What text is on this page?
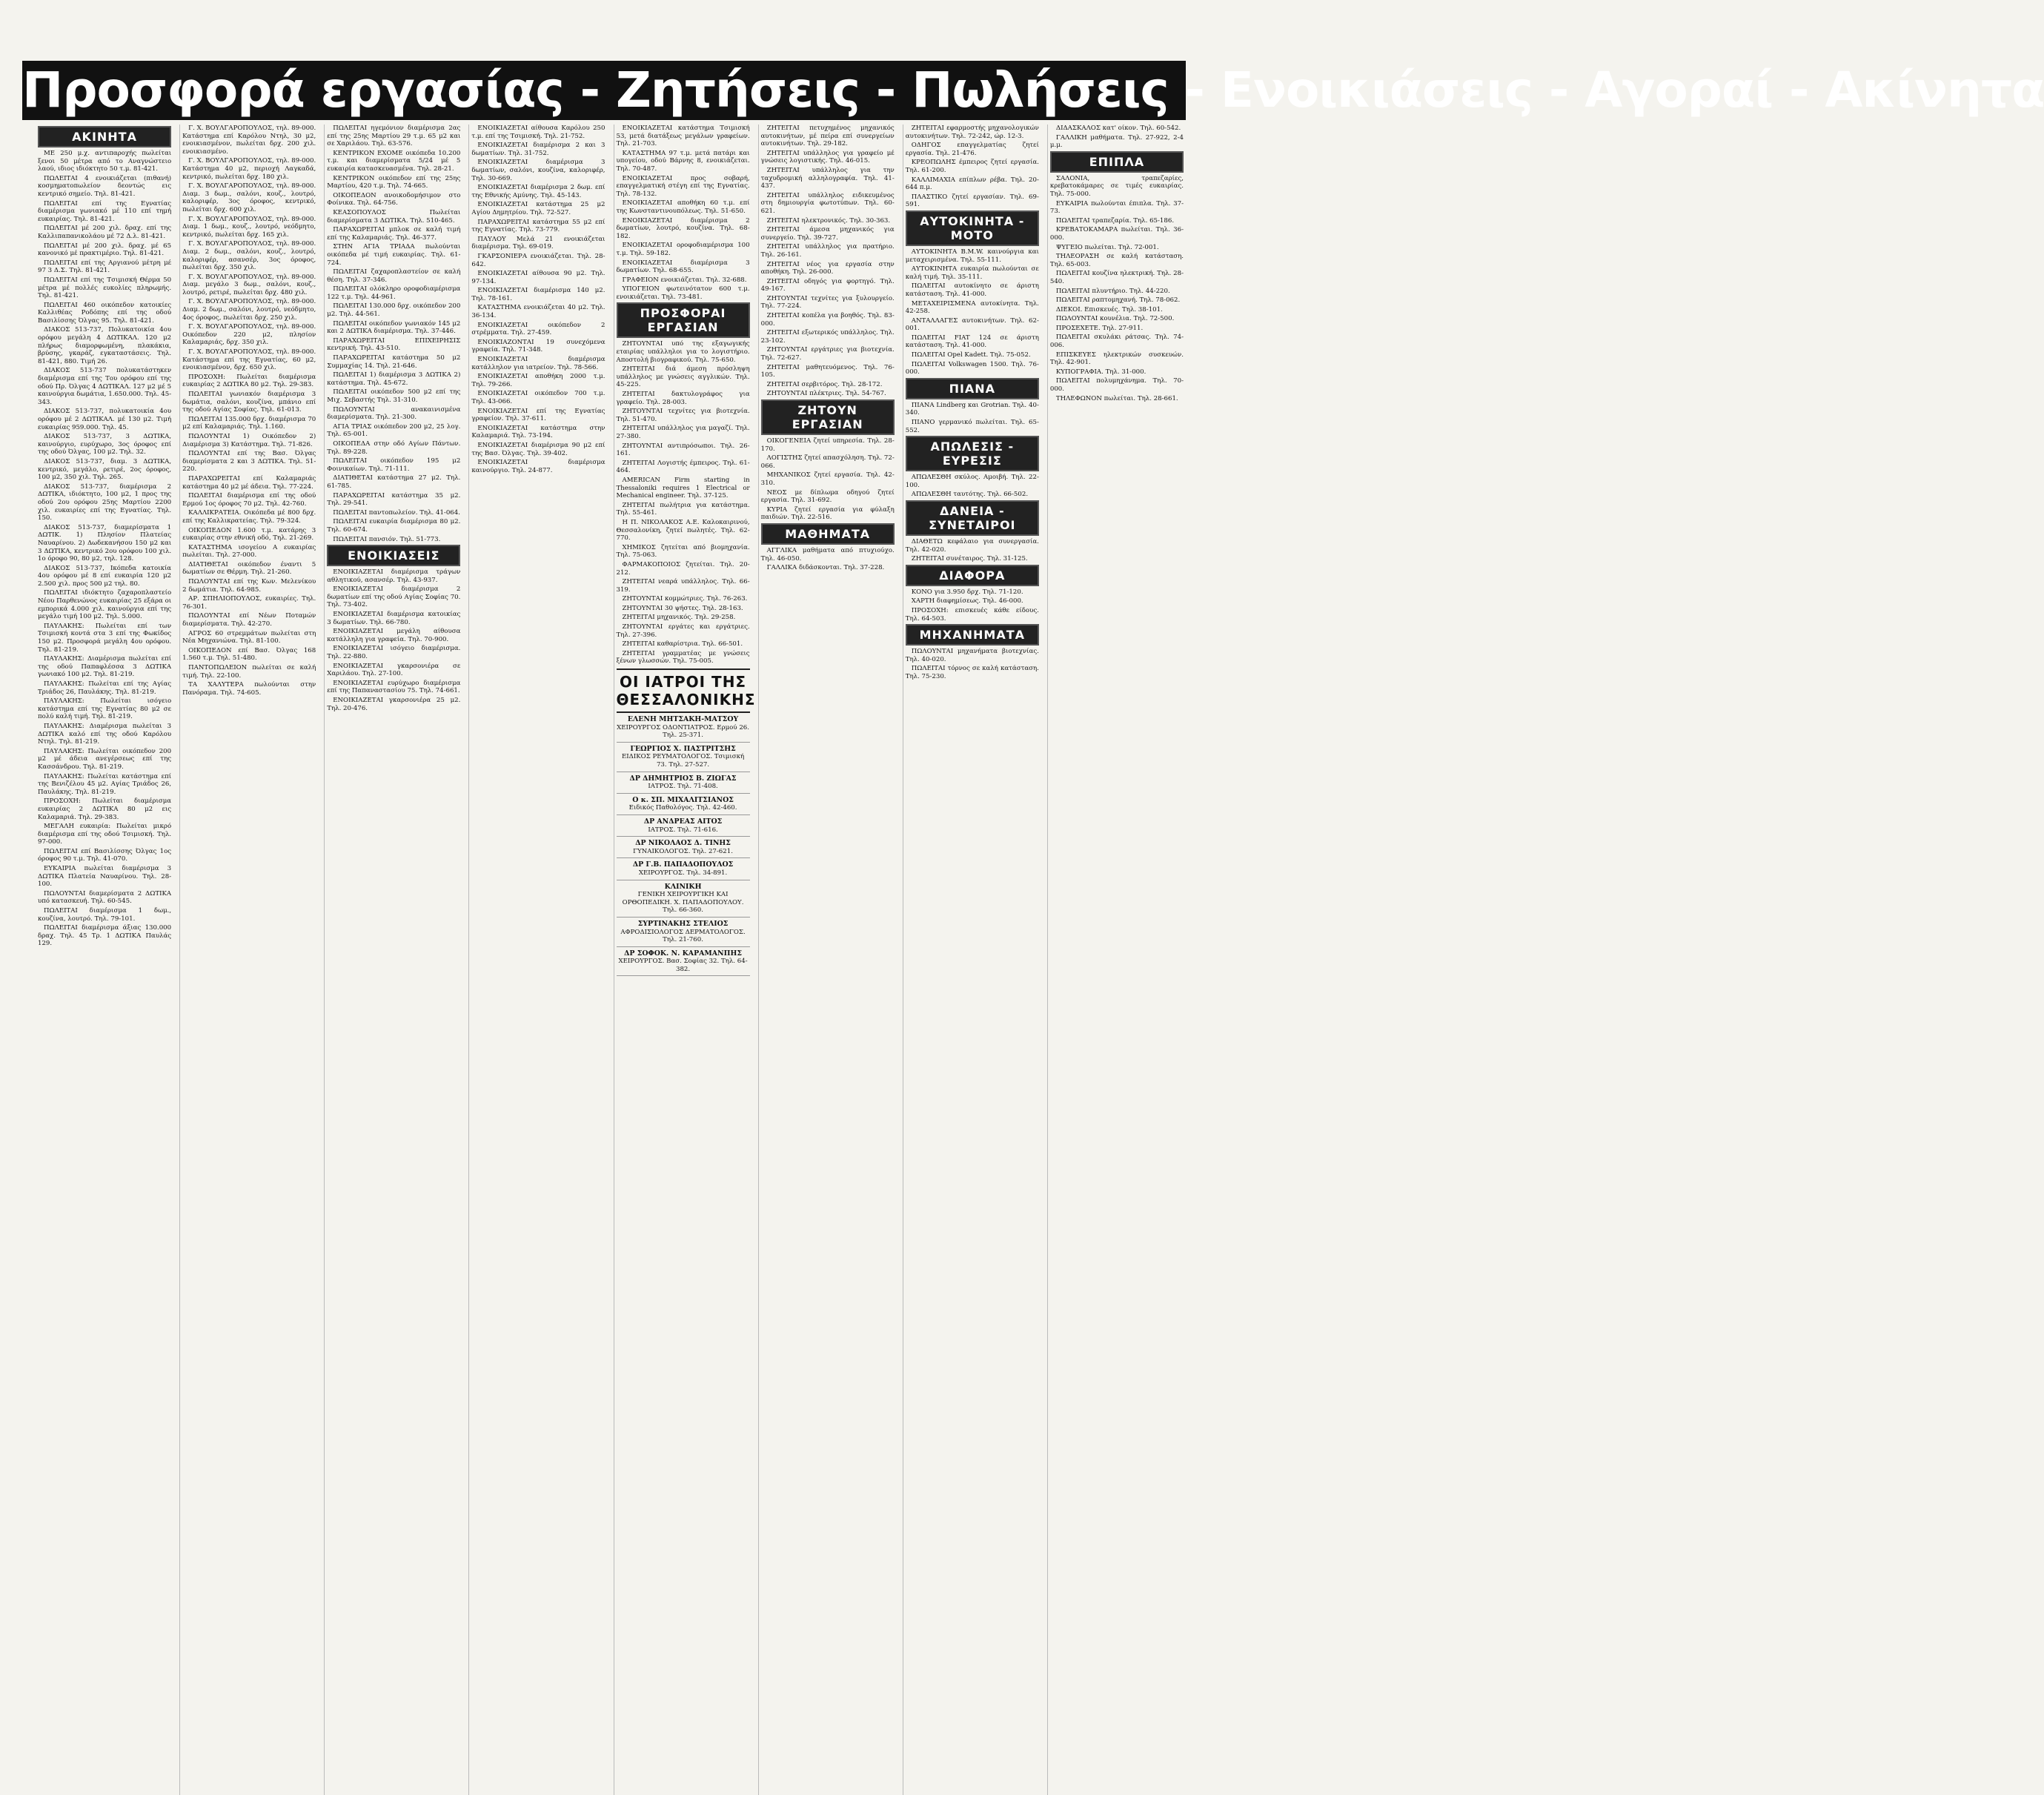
Προσφορά εργασίας - Ζητήσεις - Πωλήσεις - Ενοικιάσεις - Αγοραί - Ακίνητα
ΑΚΙΝΗΤΑ

ΜΕ 250 μ.χ. αντιπαροχής πωλείται ξενοι 50 μέτρα από το Αναγνώστειο λαού, ιδιος ιδιόκτητο 50 τ.μ. 81-421.

ΠΩΛΕΙΤΑΙ 4 ενοικιάζεται (πιθανή) κοσμηματοπωλείον δεοντώς εις κεντρικό σημείο. Τηλ. 81-421.

ΠΩΛΕΙΤΑΙ επί της Εγνατίας διαμέρισμα γωνιακό μέ 110 επί τημή ευκαιρίας. Τηλ. 81-421.

ΠΩΛΕΙΤΑΙ μέ 200 χιλ. δραχ. επί της Καλλιπαπανικολάου μέ 72 Δ.λ. 81-421.

ΠΩΛΕΙΤΑΙ μέ 200 χιλ. δραχ. μέ 65 κανονικό μέ πρακτιμέριο. Τηλ. 81-421.

ΠΩΛΕΙΤΑΙ επί της Αργιανού μέτρη μέ 97 3 Δ.Σ. Τηλ. 81-421.

ΠΩΛΕΙΤΑΙ επί της Τσιμισκή Θέρμα 50 μέτρα μέ πολλές ευκολίες πληρωμής. Τηλ. 81-421.

ΠΩΛΕΙΤΑΙ 460 οικόπεδον κατοικίες Καλλιθέας Ροδόπης επί της οδού Βασιλίσσης Όλγας 95. Τηλ. 81-421.

ΔΙΑΚΟΣ 513-737, Πολυκατοικία 4ου ορόφου μεγάλη 4 ΔΩΤΙΚΑΛ. 120 μ2 πλήρως διαμορφωμένη, πλακάκια, βρύσης, γκαράζ, εγκαταστάσεις. Τηλ. 81-421, 880. Τιμή 26.

ΔΙΑΚΟΣ 513-737 πολυκατάστηκεν διαμέρισμα επί της Του ορόφου επί της οδού Πρ. Όλγας 4 ΔΩΤΙΚΑΛ. 127 μ2 μέ 5 καινούργια δωμάτια, 1.650.000. Τηλ. 45-343.

ΔΙΑΚΟΣ 513-737, πολυκατοικία 4ου ορόφου μέ 2 ΔΩΤΙΚΑΛ. μέ 130 μ2. Τιμή ευκαιρίας 959.000. Τηλ. 45.

ΔΙΑΚΟΣ 513-737, 3 ΔΩΤΙΚΑ, καινούργιο, ευρύχωρο, 3ος όροφος επί της οδού Όλγας, 100 μ2. Τηλ. 32.

ΔΙΑΚΟΣ 513-737, διαμ. 3 ΔΩΤΙΚΑ, κεντρικό, μεγάλο, ρετιρέ, 2ος όροφος, 100 μ2, 350 χιλ. Τηλ. 265.

ΔΙΑΚΟΣ 513-737, διαμέρισμα 2 ΔΩΤΙΚΑ, ιδιόκτητο, 100 μ2, 1 προς της οδού 2ου ορόφου 25ης Μαρτίου 2200 χιλ. ευκαιρίες επί της Εγνατίας. Τηλ. 150.

ΔΙΑΚΟΣ 513-737, διαμερίσματα 1 ΔΩΤΙΚ. 1) Πλησίον Πλατείας Ναυαρίνου. 2) Δωδεκανήσου 150 μ2 και 3 ΔΩΤΙΚΑ, κεντρικό 2ου ορόφου 100 χιλ. 1ο όροφο 90, 80 μ2, τηλ. 128.

ΔΙΑΚΟΣ 513-737, Ικόπεδα κατοικία 4ου ορόφου μέ 8 επί ευκαιρία 120 μ2 2.500 χιλ. προς 500 μ2 τηλ. 80.

ΠΩΛΕΙΤΑΙ ιδιόκτητο ζαχαροπλαστείο Νέου Παρθενώνος ευκαιρίας 25 εξάρα οι εμπορικά 4.000 χιλ. καινούργια επί της μεγάλο τιμή 100 μ2. Τηλ. 5.000.

ΠΑΥΛΑΚΗΣ: Πωλείται επί των Τσιμισκή κοντά στα 3 επί της Φωκίδος 150 μ2. Προσφορά μεγάλη 4ου ορόφου. Τηλ. 81-219.

ΠΑΥΛΑΚΗΣ: Διαμέρισμα πωλείται επί της οδού Παπαφλέσσα 3 ΔΩΤΙΚΑ γωνιακό 100 μ2. Τηλ. 81-219.

ΠΑΥΛΑΚΗΣ: Πωλείται επί της Αγίας Τριάδος 26, Παυλάκης. Τηλ. 81-219.

ΠΑΥΛΑΚΗΣ: Πωλείται ισόγειο κατάστημα επί της Εγνατίας 80 μ2 σε πολύ καλή τιμή. Τηλ. 81-219.

ΠΑΥΛΑΚΗΣ: Διαμέρισμα πωλείται 3 ΔΩΤΙΚΑ καλό επί της οδού Καρόλου Ντηλ. Τηλ. 81-219.

ΠΑΥΛΑΚΗΣ: Πωλείται οικόπεδον 200 μ2 μέ άδεια ανεγέρσεως επί της Κασσάνδρου. Τηλ. 81-219.

ΠΑΥΛΑΚΗΣ: Πωλείται κατάστημα επί της Βενιζέλου 45 μ2. Αγίας Τριάδος 26, Παυλάκης. Τηλ. 81-219.

ΠΡΟΣΟΧΗ: Πωλείται διαμέρισμα ευκαιρίας 2 ΔΩΤΙΚΑ 80 μ2 εις Καλαμαριά. Τηλ. 29-383.

ΜΕΓΑΛΗ ευκαιρία: Πωλείται μικρό διαμέρισμα επί της οδού Τσιμισκή. Τηλ. 97-000.

ΠΩΛΕΙΤΑΙ επί Βασιλίσσης Όλγας 1ος όροφος 90 τ.μ. Τηλ. 41-070.

ΕΥΚΑΙΡΙΑ πωλείται διαμέρισμα 3 ΔΩΤΙΚΑ Πλατεία Ναυαρίνου. Τηλ. 28-100.

ΠΩΛΟΥΝΤΑΙ διαμερίσματα 2 ΔΩΤΙΚΑ υπό κατασκευή. Τηλ. 60-545.

ΠΩΛΕΙΤΑΙ διαμέρισμα 1 δωμ., κουζίνα, λουτρό. Τηλ. 79-101.

ΠΩΛΕΙΤΑΙ διαμέρισμα άξιας 130.000 δραχ. Τηλ. 45 Τρ. 1 ΔΩΤΙΚΑ Παυλάς 129.

Γ. Χ. ΒΟΥΛΓΑΡΟΠΟΥΛΟΣ, τηλ. 89-000. Κατάστημα επί Καρόλου Ντηλ, 30 μ2, ενοικιασμένον, πωλείται δρχ. 200 χιλ. ενοικιασμένο.

Γ. Χ. ΒΟΥΛΓΑΡΟΠΟΥΛΟΣ, τηλ. 89-000. Κατάστημα 40 μ2, περιοχή Λαγκαδά, κεντρικό, πωλείται δρχ. 180 χιλ.

Γ. Χ. ΒΟΥΛΓΑΡΟΠΟΥΛΟΣ, τηλ. 89-000. Διαμ. 3 δωμ., σαλόνι, κουζ., λουτρό, καλοριφέρ, 3ος όροφος, κεντρικό, πωλείται δρχ. 600 χιλ.

Γ. Χ. ΒΟΥΛΓΑΡΟΠΟΥΛΟΣ, τηλ. 89-000. Διαμ. 1 δωμ., κουζ., λουτρό, νεόδμητο, κεντρικό, πωλείται δρχ. 165 χιλ.

Γ. Χ. ΒΟΥΛΓΑΡΟΠΟΥΛΟΣ, τηλ. 89-000. Διαμ. 2 δωμ., σαλόνι, κουζ., λουτρό, καλοριφέρ, ασανσέρ, 3ος όροφος, πωλείται δρχ. 350 χιλ.

Γ. Χ. ΒΟΥΛΓΑΡΟΠΟΥΛΟΣ, τηλ. 89-000. Διαμ. μεγάλο 3 δωμ., σαλόνι, κουζ., λουτρό, ρετιρέ, πωλείται δρχ. 480 χιλ.

Γ. Χ. ΒΟΥΛΓΑΡΟΠΟΥΛΟΣ, τηλ. 89-000. Διαμ. 2 δωμ., σαλόνι, λουτρό, νεόδμητο, 4ος όροφος, πωλείται δρχ. 250 χιλ.

Γ. Χ. ΒΟΥΛΓΑΡΟΠΟΥΛΟΣ, τηλ. 89-000. Οικόπεδον 220 μ2, πλησίον Καλαμαριάς, δρχ. 350 χιλ.

Γ. Χ. ΒΟΥΛΓΑΡΟΠΟΥΛΟΣ, τηλ. 89-000. Κατάστημα επί της Εγνατίας, 60 μ2, ενοικιασμένον, δρχ. 650 χιλ.

ΠΡΟΣΟΧΗ: Πωλείται διαμέρισμα ευκαιρίας 2 ΔΩΤΙΚΑ 80 μ2. Τηλ. 29-383.

ΠΩΛΕΙΤΑΙ γωνιακόν διαμέρισμα 3 δωμάτια, σαλόνι, κουζίνα, μπάνιο επί της οδού Αγίας Σοφίας. Τηλ. 61-013.

ΠΩΛΕΙΤΑΙ 135.000 δρχ. διαμέρισμα 70 μ2 επί Καλαμαριάς. Τηλ. 1.160.

ΠΩΛΟΥΝΤΑΙ 1) Οικόπεδον 2) Διαμέρισμα 3) Κατάστημα. Τηλ. 71-826.

ΠΩΛΟΥΝΤΑΙ επί της Βασ. Όλγας διαμερίσματα 2 και 3 ΔΩΤΙΚΑ. Τηλ. 51-220.

ΠΑΡΑΧΩΡΕΙΤΑΙ επί Καλαμαριάς κατάστημα 40 μ2 μέ άδεια. Τηλ. 77-224.

ΠΩΛΕΙΤΑΙ διαμέρισμα επί της οδού Ερμού 1ος όροφος 70 μ2. Τηλ. 42-760.

ΚΑΛΛΙΚΡΑΤΕΙΑ. Οικόπεδα μέ 800 δρχ. επί της Καλλικρατείας. Τηλ. 79-324.

ΟΙΚΟΠΕΔΟΝ 1.600 τ.μ. κατάρης 3 ευκαιρίας στην εθνική οδό, Τηλ. 21-269.

ΚΑΤΑΣΤΗΜΑ ισογείου Α ευκαιρίας πωλείται. Τηλ. 27-000.

ΔΙΑΤΙΘΕΤΑΙ οικόπεδον έναντι 5 δωματίων σε Θέρμη. Τηλ. 21-260.

ΠΩΛΟΥΝΤΑΙ επί της Κων. Μελενίκου 2 δωμάτια. Τηλ. 64-985.

ΑΡ. ΣΠΗΛΙΟΠΟΥΛΟΣ, ευκαιρίες. Τηλ. 76-301.

ΠΩΛΟΥΝΤΑΙ επί Νέων Ποταμών διαμερίσματα. Τηλ. 42-270.

ΑΓΡΟΣ 60 στρεμμάτων πωλείται στη Νέα Μηχανιώνα. Τηλ. 81-100.

ΟΙΚΟΠΕΔΟΝ επί Βασ. Όλγας 168 1.560 τ.μ. Τηλ. 51-480.

ΠΑΝΤΟΠΩΛΕΙΟΝ πωλείται σε καλή τιμή. Τηλ. 22-100.

ΤΑ ΧΑΛΥΤΕΡΑ πωλούνται στην Πανόραμα. Τηλ. 74-605.

ΠΩΛΕΙΤΑΙ ηγεμόνιον διαμέρισμα 2ας επί της 25ης Μαρτίου 29 τ.μ. 65 μ2 και σε Χαριλάου. Τηλ. 63-576.

ΚΕΝΤΡΙΚΟΝ ΕΧΟΜΕ οικόπεδα 10.200 τ.μ. και διαμερίσματα 5/24 μέ 5 ευκαιρία κατασκευασμένα. Τηλ. 28-21.

ΚΕΝΤΡΙΚΟΝ οικόπεδον επί της 25ης Μαρτίου, 420 τ.μ. Τηλ. 74-665.

ΟΙΚΟΠΕΔΟΝ ανοικοδομήσιμον στο Φοίνικα. Τηλ. 64-756.

ΚΕΑΣΟΠΟΥΛΟΣ Πωλείται διαμερίσματα 3 ΔΩΤΙΚΑ. Τηλ. 510-465.

ΠΑΡΑΧΩΡΕΙΤΑΙ μπλοκ σε καλή τιμή επί της Καλαμαριάς. Τηλ. 46-377.

ΣΤΗΝ ΑΓΙΑ ΤΡΙΑΔΑ πωλούνται οικόπεδα μέ τιμή ευκαιρίας. Τηλ. 61-724.

ΠΩΛΕΙΤΑΙ ζαχαροπλαστείον σε καλή θέση. Τηλ. 37-346.

ΠΩΛΕΙΤΑΙ ολόκληρο οροφοδιαμέρισμα 122 τ.μ. Τηλ. 44-961.

ΠΩΛΕΙΤΑΙ 130.000 δρχ. οικόπεδον 200 μ2. Τηλ. 44-561.

ΠΩΛΕΙΤΑΙ οικόπεδον γωνιακόν 145 μ2 και 2 ΔΩΤΙΚΑ διαμέρισμα. Τηλ. 37-446.

ΠΑΡΑΧΩΡΕΙΤΑΙ ΕΠΙΧΕΙΡΗΣΙΣ κεντρική. Τηλ. 43-510.

ΠΑΡΑΧΩΡΕΙΤΑΙ κατάστημα 50 μ2 Συμμαχίας 14. Τηλ. 21-646.

ΠΩΛΕΙΤΑΙ 1) διαμέρισμα 3 ΔΩΤΙΚΑ 2) κατάστημα. Τηλ. 45-672.

ΠΩΛΕΙΤΑΙ οικόπεδον 500 μ2 επί της Μιχ. Σεβαστής Τηλ. 31-310.

ΠΩΛΟΥΝΤΑΙ ανακαινισμένα διαμερίσματα. Τηλ. 21-300.

ΑΓΙΑ ΤΡΙΑΣ οικόπεδον 200 μ2, 25 λογ. Τηλ. 65-001.

ΟΙΚΟΠΕΔΑ στην οδό Αγίων Πάντων. Τηλ. 89-228.

ΠΩΛΕΙΤΑΙ οικόπεδον 195 μ2 Φοινικαίων. Τηλ. 71-111.

ΔΙΑΤΙΘΕΤΑΙ κατάστημα 27 μ2. Τηλ. 61-785.

ΠΑΡΑΧΩΡΕΙΤΑΙ κατάστημα 35 μ2. Τηλ. 29-541.

ΠΩΛΕΙΤΑΙ παντοπωλείον. Τηλ. 41-064.

ΠΩΛΕΙΤΑΙ ευκαιρία διαμέρισμα 80 μ2. Τηλ. 60-674.

ΠΩΛΕΙΤΑΙ πανσιόν. Τηλ. 51-773.

ΕΝΟΙΚΙΑΣΕΙΣ

ΕΝΟΙΚΙΑΖΕΤΑΙ διαμέρισμα τράγων αθλητικού, ασανσέρ. Τηλ. 43-937.

ΕΝΟΙΚΙΑΖΕΤΑΙ διαμέρισμα 2 δωματίων επί της οδού Αγίας Σοφίας 70. Τηλ. 73-402.

ΕΝΟΙΚΙΑΖΕΤΑΙ διαμέρισμα κατοικίας 3 δωματίων. Τηλ. 66-780.

ΕΝΟΙΚΙΑΖΕΤΑΙ μεγάλη αίθουσα κατάλληλη για γραφεία. Τηλ. 70-900.

ΕΝΟΙΚΙΑΖΕΤΑΙ ισόγειο διαμέρισμα. Τηλ. 22-880.

ΕΝΟΙΚΙΑΖΕΤΑΙ γκαρσονιέρα σε Χαριλάου. Τηλ. 27-100.

ΕΝΟΙΚΙΑΖΕΤΑΙ ευρύχωρο διαμέρισμα επί της Παπαναστασίου 75. Τηλ. 74-661.

ΕΝΟΙΚΙΑΖΕΤΑΙ γκαρσονιέρα 25 μ2. Τηλ. 20-476.

ΕΝΟΙΚΙΑΖΕΤΑΙ αίθουσα Καρόλου 250 τ.μ. επί της Τσιμισκή. Τηλ. 21-752.

ΕΝΟΙΚΙΑΖΕΤΑΙ διαμέρισμα 2 και 3 δωματίων. Τηλ. 31-752.

ΕΝΟΙΚΙΑΖΕΤΑΙ διαμέρισμα 3 δωματίων, σαλόνι, κουζίνα, καλοριφέρ, Τηλ. 30-669.

ΕΝΟΙΚΙΑΖΕΤΑΙ διαμέρισμα 2 δωμ. επί της Εθνικής Αμύνης. Τηλ. 45-143.

ΕΝΟΙΚΙΑΖΕΤΑΙ κατάστημα 25 μ2 Αγίου Δημητρίου. Τηλ. 72-527.

ΠΑΡΑΧΩΡΕΙΤΑΙ κατάστημα 55 μ2 επί της Εγνατίας. Τηλ. 73-779.

ΠΑΥΛΟΥ Μελά 21 ενοικιάζεται διαμέρισμα. Τηλ. 69-019.

ΓΚΑΡΣΟΝΙΕΡΑ ενοικιάζεται. Τηλ. 28-642.

ΕΝΟΙΚΙΑΖΕΤΑΙ αίθουσα 90 μ2. Τηλ. 97-134.

ΕΝΟΙΚΙΑΖΕΤΑΙ διαμέρισμα 140 μ2. Τηλ. 78-161.

ΚΑΤΑΣΤΗΜΑ ενοικιάζεται 40 μ2. Τηλ. 36-134.

ΕΝΟΙΚΙΑΖΕΤΑΙ οικόπεδον 2 στρέμματα. Τηλ. 27-459.

ΕΝΟΙΚΙΑΖΟΝΤΑΙ 19 συνεχόμενα γραφεία. Τηλ. 71-348.

ΕΝΟΙΚΙΑΖΕΤΑΙ διαμέρισμα κατάλληλον για ιατρείον. Τηλ. 78-566.

ΕΝΟΙΚΙΑΖΕΤΑΙ αποθήκη 2000 τ.μ. Τηλ. 79-266.

ΕΝΟΙΚΙΑΖΕΤΑΙ οικόπεδον 700 τ.μ. Τηλ. 43-066.

ΕΝΟΙΚΙΑΖΕΤΑΙ επί της Εγνατίας γραφείον. Τηλ. 37-611.

ΕΝΟΙΚΙΑΖΕΤΑΙ κατάστημα στην Καλαμαριά. Τηλ. 73-194.

ΕΝΟΙΚΙΑΖΕΤΑΙ διαμέρισμα 90 μ2 επί της Βασ. Όλγας. Τηλ. 39-402.

ΕΝΟΙΚΙΑΖΕΤΑΙ διαμέρισμα καινούργιο. Τηλ. 24-877.

ΕΝΟΙΚΙΑΖΕΤΑΙ κατάστημα Τσιμισκή 53, μετά διατάξεως μεγάλων γραφείων. Τηλ. 21-703.

ΚΑΤΑΣΤΗΜΑ 97 τ.μ. μετά πατάρι και υπογείου, οδού Βάρνης 8, ενοικιάζεται. Τηλ. 70-487.

ΕΝΟΙΚΙΑΖΕΤΑΙ προς σοβαρή, επαγγελματική στέγη επί της Εγνατίας. Τηλ. 78-132.

ΕΝΟΙΚΙΑΖΕΤΑΙ αποθήκη 60 τ.μ. επί της Κωνσταντινουπόλεως. Τηλ. 51-650.

ΕΝΟΙΚΙΑΖΕΤΑΙ διαμέρισμα 2 δωματίων, λουτρό, κουζίνα. Τηλ. 68-182.

ΕΝΟΙΚΙΑΖΕΤΑΙ οροφοδιαμέρισμα 100 τ.μ. Τηλ. 59-182.

ΕΝΟΙΚΙΑΖΕΤΑΙ διαμέρισμα 3 δωματίων. Τηλ. 68-655.

ΓΡΑΦΕΙΟΝ ενοικιάζεται. Τηλ. 32-688.

ΥΠΟΓΕΙΟΝ φωτεινότατον 600 τ.μ. ενοικιάζεται. Τηλ. 73-481.

ΠΡΟΣΦΟΡΑΙ ΕΡΓΑΣΙΑΝ

ΖΗΤΟΥΝΤΑΙ υπό της εξαγωγικής εταιρίας υπάλληλοι για το λογιστήριο. Αποστολή βιογραφικού. Τηλ. 75-650.

ΖΗΤΕΙΤΑΙ διά άμεση πρόσληψη υπάλληλος με γνώσεις αγγλικών. Τηλ. 45-225.

ΖΗΤΕΙΤΑΙ δακτυλογράφος για γραφείο. Τηλ. 28-003.

ΖΗΤΟΥΝΤΑΙ τεχνίτες για βιοτεχνία. Τηλ. 51-470.

ΖΗΤΕΙΤΑΙ υπάλληλος για μαγαζί. Τηλ. 27-380.

ΖΗΤΟΥΝΤΑΙ αντιπρόσωποι. Τηλ. 26-161.

ΖΗΤΕΙΤΑΙ Λογιστής έμπειρος. Τηλ. 61-464.

AMERICAN Firm starting in Thessaloniki requires 1 Electrical or Mechanical engineer. Tηλ. 37-125.

ΖΗΤΕΙΤΑΙ πωλήτρια για κατάστημα. Τηλ. 55-461.

Η Π. ΝΙΚΟΛΑΚΟΣ Α.Ε. Καλοκαιρινού, Θεσσαλονίκη, ζητεί πωλητές. Τηλ. 62-770.

ΧΗΜΙΚΟΣ ζητείται από βιομηχανία. Τηλ. 75-063.

ΦΑΡΜΑΚΟΠΟΙΟΣ ζητείται. Τηλ. 20-212.

ΖΗΤΕΙΤΑΙ νεαρά υπάλληλος. Τηλ. 66-319.

ΖΗΤΟΥΝΤΑΙ κομμώτριες. Τηλ. 76-263.

ΖΗΤΟΥΝΤΑΙ 30 ψήστες. Τηλ. 28-163.

ΖΗΤΕΙΤΑΙ μηχανικός. Τηλ. 29-258.

ΖΗΤΟΥΝΤΑΙ εργάτες και εργάτριες. Τηλ. 27-396.

ΖΗΤΕΙΤΑΙ καθαρίστρια. Τηλ. 66-501.

ΖΗΤΕΙΤΑΙ γραμματέας με γνώσεις ξένων γλωσσών. Τηλ. 75-005.

ΟΙ ΙΑΤΡΟΙ ΤΗΣ ΘΕΣΣΑΛΟΝΙΚΗΣ
ΕΛΕΝΗ ΜΗΤΣΑΚΗ-ΜΑΤΣΟΥ
ΧΕΙΡΟΥΡΓΟΣ ΟΔΟΝΤΙΑΤΡΟΣ. Ερμού 26. Τηλ. 25-371.
ΓΕΩΡΓΙΟΣ Χ. ΠΑΣΤΡΙΤΣΗΣ
ΕΙΔΙΚΟΣ ΡΕΥΜΑΤΟΛΟΓΟΣ. Τσιμισκή 73. Τηλ. 27-527.
ΔΡ ΔΗΜΗΤΡΙΟΣ Β. ΖΙΩΓΑΣ
ΙΑΤΡΟΣ. Τηλ. 71-408.
Ο κ. ΣΠ. ΜΙΧΑΛΙΤΣΙΑΝΟΣ
Ειδικός Παθολόγος. Τηλ. 42-460.
ΔΡ ΑΝΔΡΕΑΣ ΑΙΤΟΣ
ΙΑΤΡΟΣ. Τηλ. 71-616.
ΔΡ ΝΙΚΟΛΑΟΣ Δ. ΤΙΝΗΣ
ΓΥΝΑΙΚΟΛΟΓΟΣ. Τηλ. 27-621.
ΔΡ Γ.Β. ΠΑΠΑΔΟΠΟΥΛΟΣ
ΧΕΙΡΟΥΡΓΟΣ. Τηλ. 34-891.
ΚΛΙΝΙΚΗ
ΓΕΝΙΚΗ ΧΕΙΡΟΥΡΓΙΚΗ ΚΑΙ ΟΡΘΟΠΕΔΙΚΗ. Χ. ΠΑΠΑΔΟΠΟΥΛΟΥ. Τηλ. 66-360.
ΣΥΡΤΙΝΑΚΗΣ ΣΤΕΛΙΟΣ
ΑΦΡΟΔΙΣΙΟΛΟΓΟΣ ΔΕΡΜΑΤΟΛΟΓΟΣ. Τηλ. 21-760.
ΔΡ ΣΟΦΟΚ. Ν. ΚΑΡΑΜΑΝΠΗΣ
ΧΕΙΡΟΥΡΓΟΣ. Βασ. Σοφίας 32. Τηλ. 64-382.

ΖΗΤΕΙΤΑΙ πετυχημένος μηχανικός αυτοκινήτων, μέ πείρα επί συνεργείων αυτοκινήτων. Τηλ. 29-182.

ΖΗΤΕΙΤΑΙ υπάλληλος για γραφείο μέ γνώσεις λογιστικής. Τηλ. 46-015.

ΖΗΤΕΙΤΑΙ υπάλληλος για την ταχυδρομική αλληλογραφία. Τηλ. 41-437.

ΖΗΤΕΙΤΑΙ υπάλληλος ειδικευμένος στη δημιουργία φωτοτύπων. Τηλ. 60-621.

ΖΗΤΕΙΤΑΙ ηλεκτρονικός. Τηλ. 30-363.

ΖΗΤΕΙΤΑΙ άμεσα μηχανικός για συνεργείο. Τηλ. 39-727.

ΖΗΤΕΙΤΑΙ υπάλληλος για πρατήριο. Τηλ. 26-161.

ΖΗΤΕΙΤΑΙ νέος για εργασία στην αποθήκη. Τηλ. 26-000.

ΖΗΤΕΙΤΑΙ οδηγός για φορτηγό. Τηλ. 49-167.

ΖΗΤΟΥΝΤΑΙ τεχνίτες για ξυλουργείο. Τηλ. 77-224.

ΖΗΤΕΙΤΑΙ κοπέλα για βοηθός. Τηλ. 83-000.

ΖΗΤΕΙΤΑΙ εξωτερικός υπάλληλος. Τηλ. 23-102.

ΖΗΤΟΥΝΤΑΙ εργάτριες για βιοτεχνία. Τηλ. 72-627.

ΖΗΤΕΙΤΑΙ μαθητευόμενος. Τηλ. 76-105.

ΖΗΤΕΙΤΑΙ σερβιτόρος. Τηλ. 28-172.

ΖΗΤΟΥΝΤΑΙ πλέκτριες. Τηλ. 54-767.

ΖΗΤΟΥΝ ΕΡΓΑΣΙΑΝ

ΟΙΚΟΓΕΝΕΙΑ ζητεί υπηρεσία. Τηλ. 28-170.

ΛΟΓΙΣΤΗΣ ζητεί απασχόληση. Τηλ. 72-066.

ΜΗΧΑΝΙΚΟΣ ζητεί εργασία. Τηλ. 42-310.

ΝΕΟΣ με δίπλωμα οδηγού ζητεί εργασία. Τηλ. 31-692.

ΚΥΡΙΑ ζητεί εργασία για φύλαξη παιδιών. Τηλ. 22-516.

ΜΑΘΗΜΑΤΑ

ΑΓΓΛΙΚΑ μαθήματα από πτυχιούχο. Τηλ. 46-050.

ΓΑΛΛΙΚΑ διδάσκονται. Τηλ. 37-228.

ΖΗΤΕΙΤΑΙ εφαρμοστής μηχανολογικών αυτοκινήτων. Τηλ. 72-242, ώρ. 12-3.

ΟΔΗΓΟΣ επαγγελματίας ζητεί εργασία. Τηλ. 21-476.

ΚΡΕΟΠΩΛΗΣ έμπειρος ζητεί εργασία. Τηλ. 61-200.

ΚΑΛΛΙΜΑΧΙΑ επίπλων ρέβα. Τηλ. 20-644 π.μ.

ΠΛΑΣΤΙΚΟ ζητεί εργασίαν. Τηλ. 69-591.

ΑΥΤΟΚΙΝΗΤΑ - ΜΟΤΟ

ΑΥΤΟΚΙΝΗΤΑ Β.Μ.W. καινούργια και μεταχειρισμένα. Τηλ. 55-111.

ΑΥΤΟΚΙΝΗΤΑ ευκαιρία πωλούνται σε καλή τιμή. Τηλ. 35-111.

ΠΩΛΕΙΤΑΙ αυτοκίνητο σε άριστη κατάσταση. Τηλ. 41-000.

ΜΕΤΑΧΕΙΡΙΣΜΕΝΑ αυτοκίνητα. Τηλ. 42-258.

ΑΝΤΑΛΛΑΓΕΣ αυτοκινήτων. Τηλ. 62-001.

ΠΩΛΕΙΤΑΙ FIAT 124 σε άριστη κατάσταση. Τηλ. 41-000.

ΠΩΛΕΙΤΑΙ Opel Kadett. Τηλ. 75-052.

ΠΩΛΕΙΤΑΙ Volkswagen 1500. Τηλ. 76-000.

ΠΙΑΝΑ

ΠΙΑΝΑ Lindberg και Grotrian. Τηλ. 40-340.

ΠΙΑΝΟ γερμανικό πωλείται. Τηλ. 65-552.

ΑΠΩΛΕΣΙΣ - ΕΥΡΕΣΙΣ

ΑΠΩΛΕΣΘΗ σκύλος. Αμοιβή. Τηλ. 22-100.

ΑΠΩΛΕΣΘΗ ταυτότης. Τηλ. 66-502.

ΔΑΝΕΙΑ - ΣΥΝΕΤΑΙΡΟΙ

ΔΙΑΘΕΤΩ κεφάλαιο για συνεργασία. Τηλ. 42-020.

ΖΗΤΕΙΤΑΙ συνέταιρος. Τηλ. 31-125.

ΔΙΑΦΟΡΑ

ΚΟΝΟ για 3.950 δρχ. Τηλ. 71-120.

ΧΑΡΤΗ διαφημίσεως. Τηλ. 46-000.

ΠΡΟΣΟΧΗ: επισκευές κάθε είδους. Τηλ. 64-503.

ΜΗΧΑΝΗΜΑΤΑ

ΠΩΛΟΥΝΤΑΙ μηχανήματα βιοτεχνίας. Τηλ. 40-020.

ΠΩΛΕΙΤΑΙ τόρνος σε καλή κατάσταση. Τηλ. 75-230.

ΔΙΔΑΣΚΑΛΟΣ κατ' οίκον. Τηλ. 60-542.

ΓΑΛΛΙΚΗ μαθήματα. Τηλ. 27-922, 2-4 μ.μ.

ΕΠΙΠΛΑ

ΣΑΛΟΝΙΑ, τραπεζαρίες, κρεβατοκάμαρες σε τιμές ευκαιρίας. Τηλ. 75-000.

ΕΥΚΑΙΡΙΑ πωλούνται έπιπλα. Τηλ. 37-73.

ΠΩΛΕΙΤΑΙ τραπεζαρία. Τηλ. 65-186.

ΚΡΕΒΑΤΟΚΑΜΑΡΑ πωλείται. Τηλ. 36-000.

ΨΥΓΕΙΟ πωλείται. Τηλ. 72-001.

ΤΗΛΕΟΡΑΣΗ σε καλή κατάσταση. Τηλ. 65-003.

ΠΩΛΕΙΤΑΙ κουζίνα ηλεκτρική. Τηλ. 28-540.

ΠΩΛΕΙΤΑΙ πλυντήριο. Τηλ. 44-220.

ΠΩΛΕΙΤΑΙ ραπτομηχανή. Τηλ. 78-062.

ΔΙΕΚΟΙ. Επισκευές. Τηλ. 38-101.

ΠΩΛΟΥΝΤΑΙ κουνέλια. Τηλ. 72-500.

ΠΡΟΣΕΧΕΤΕ. Τηλ. 27-911.

ΠΩΛΕΙΤΑΙ σκυλάκι ράτσας. Τηλ. 74-006.

ΕΠΙΣΚΕΥΕΣ ηλεκτρικών συσκευών. Τηλ. 42-901.

ΚΥΠΟΓΡΑΦΙΑ. Τηλ. 31-000.

ΠΩΛΕΙΤΑΙ πολυμηχάνημα. Τηλ. 70-000.

ΤΗΛΕΦΩΝΟΝ πωλείται. Τηλ. 28-661.
